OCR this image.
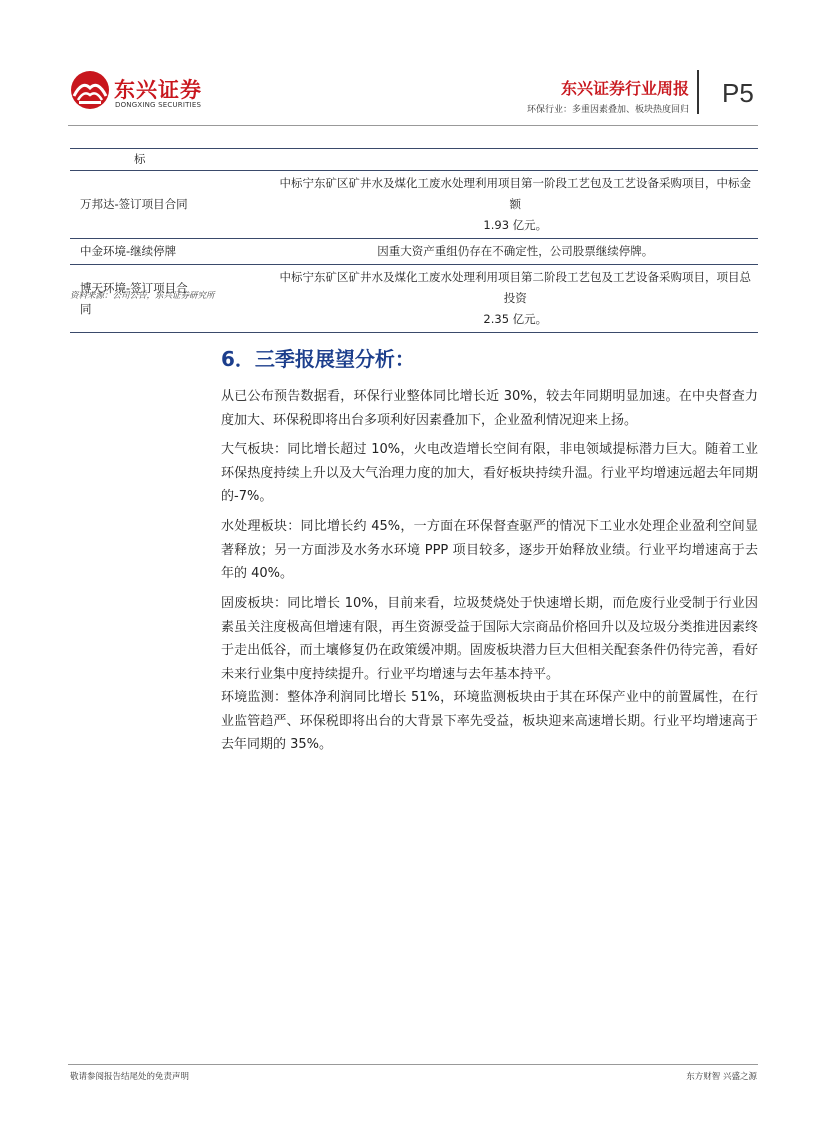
东兴证券
DONGXING SECURITIES
东兴证券行业周报
环保行业：多重因素叠加、板块热度回归
P5
标	
万邦达-签订项目合同	中标宁东矿区矿井水及煤化工废水处理利用项目第一阶段工艺包及工艺设备采购项目，中标金额
1.93 亿元。

中金环境-继续停牌	因重大资产重组仍存在不确定性，公司股票继续停牌。

博天环境-签订项目合
同	中标宁东矿区矿井水及煤化工废水处理利用项目第二阶段工艺包及工艺设备采购项目，项目总投资
2.35 亿元。
资料来源：公司公告，东兴证券研究所
6．三季报展望分析：

从已公布预告数据看，环保行业整体同比增长近 30%，较去年同期明显加速。在中央督查力度加大、环保税即将出台多项利好因素叠加下，企业盈利情况迎来上扬。

大气板块：同比增长超过 10%，火电改造增长空间有限，非电领域提标潜力巨大。随着工业环保热度持续上升以及大气治理力度的加大，看好板块持续升温。行业平均增速远超去年同期的-7%。

水处理板块：同比增长约 45%，一方面在环保督查驱严的情况下工业水处理企业盈利空间显著释放；另一方面涉及水务水环境 PPP 项目较多，逐步开始释放业绩。行业平均增速高于去年的 40%。

固废板块：同比增长 10%，目前来看，垃圾焚烧处于快速增长期，而危废行业受制于行业因素虽关注度极高但增速有限，再生资源受益于国际大宗商品价格回升以及垃圾分类推进因素终于走出低谷，而土壤修复仍在政策缓冲期。固废板块潜力巨大但相关配套条件仍待完善，看好未来行业集中度持续提升。行业平均增速与去年基本持平。

环境监测：整体净利润同比增长 51%，环境监测板块由于其在环保产业中的前置属性，在行业监管趋严、环保税即将出台的大背景下率先受益，板块迎来高速增长期。行业平均增速高于去年同期的 35%。

敬请参阅报告结尾处的免责声明	东方财智 兴盛之源
